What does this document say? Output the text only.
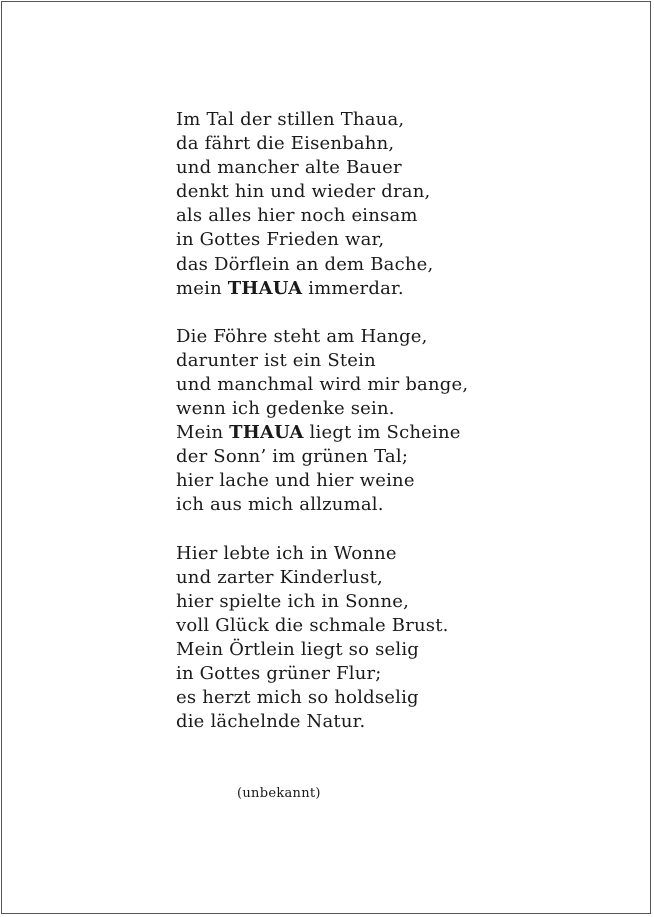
Im Tal der stillen Thaua,
da fährt die Eisenbahn,
und mancher alte Bauer
denkt hin und wieder dran,
als alles hier noch einsam
in Gottes Frieden war,
das Dörflein an dem Bache,
mein THAUA immerdar.
Die Föhre steht am Hange,
darunter ist ein Stein
und manchmal wird mir bange,
wenn ich gedenke sein.
Mein THAUA liegt im Scheine
der Sonn’ im grünen Tal;
hier lache und hier weine
ich aus mich allzumal.
Hier lebte ich in Wonne
und zarter Kinderlust,
hier spielte ich in Sonne,
voll Glück die schmale Brust.
Mein Örtlein liegt so selig
in Gottes grüner Flur;
es herzt mich so holdselig
die lächelnde Natur.
(unbekannt)
